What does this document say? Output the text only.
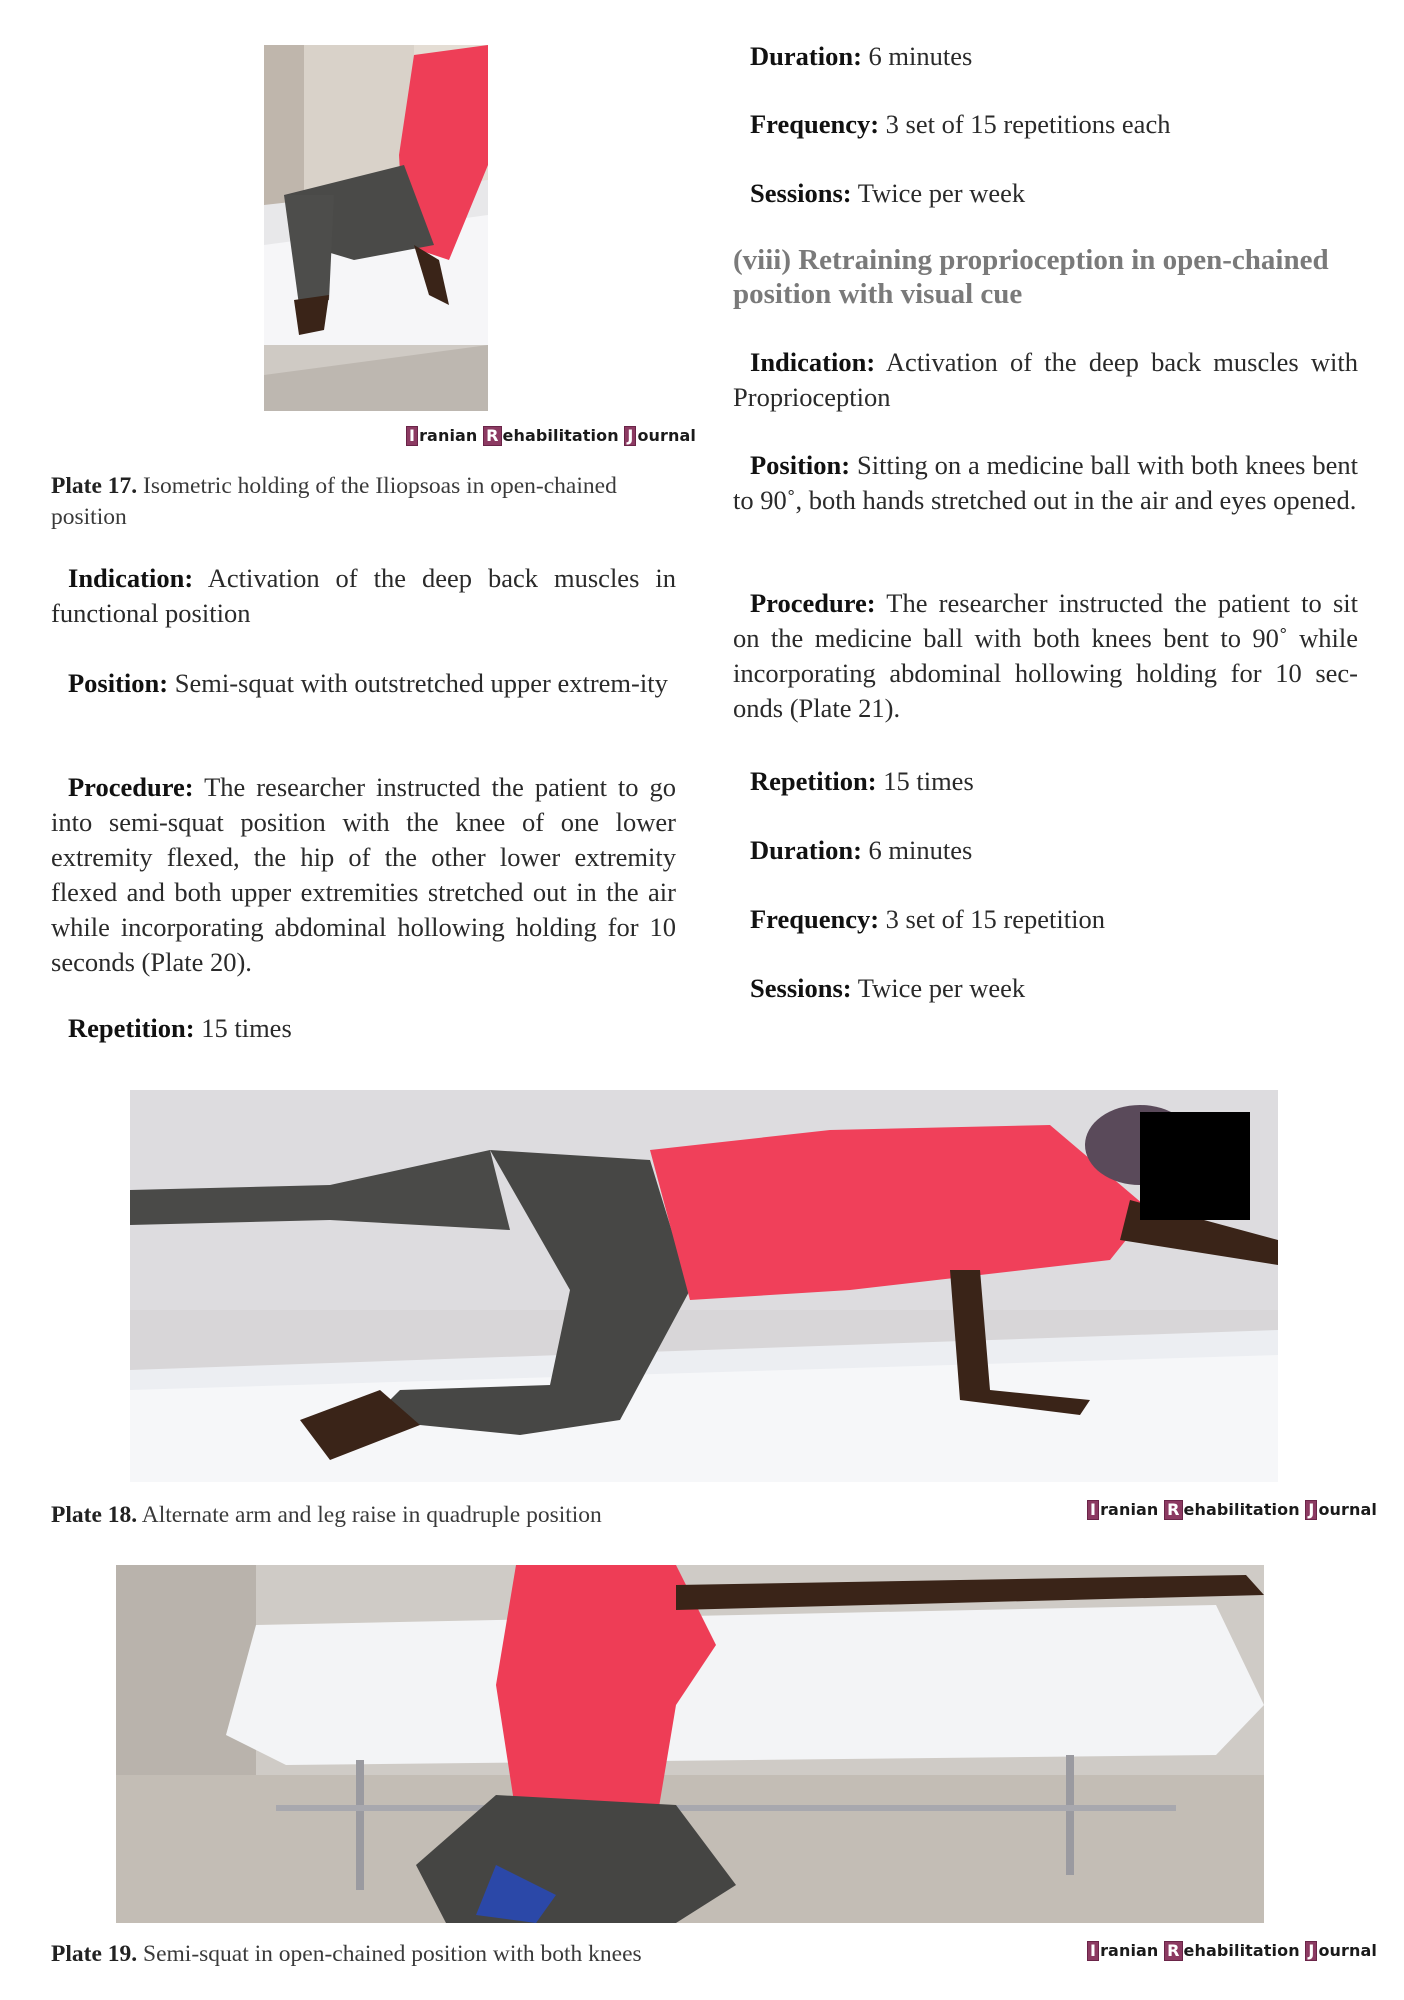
I ranian R ehabilitation J ournal

Plate 17. Isometric holding of the Iliopsoas in open-chained position

Indication: Activation of the deep back muscles in functional position

Position: Semi-squat with outstretched upper extrem-ity

Procedure: The researcher instructed the patient to go into semi-squat position with the knee of one lower extremity flexed, the hip of the other lower extremity flexed and both upper extremities stretched out in the air while incorporating abdominal hollowing holding for 10 seconds (Plate 20).

Repetition: 15 times

Duration: 6 minutes

Frequency: 3 set of 15 repetitions each

Sessions: Twice per week

(viii) Retraining proprioception in open-chained position with visual cue

Indication: Activation of the deep back muscles with Proprioception

Position: Sitting on a medicine ball with both knees bent to 90˚, both hands stretched out in the air and eyes opened.

Procedure: The researcher instructed the patient to sit on the medicine ball with both knees bent to 90˚ while incorporating abdominal hollowing holding for 10 sec-onds (Plate 21).

Repetition: 15 times

Duration: 6 minutes

Frequency: 3 set of 15 repetition

Sessions: Twice per week

Plate 18. Alternate arm and leg raise in quadruple position	I ranian R ehabilitation J ournal

Plate 19. Semi-squat in open-chained position with both knees	I ranian R ehabilitation J ournal
